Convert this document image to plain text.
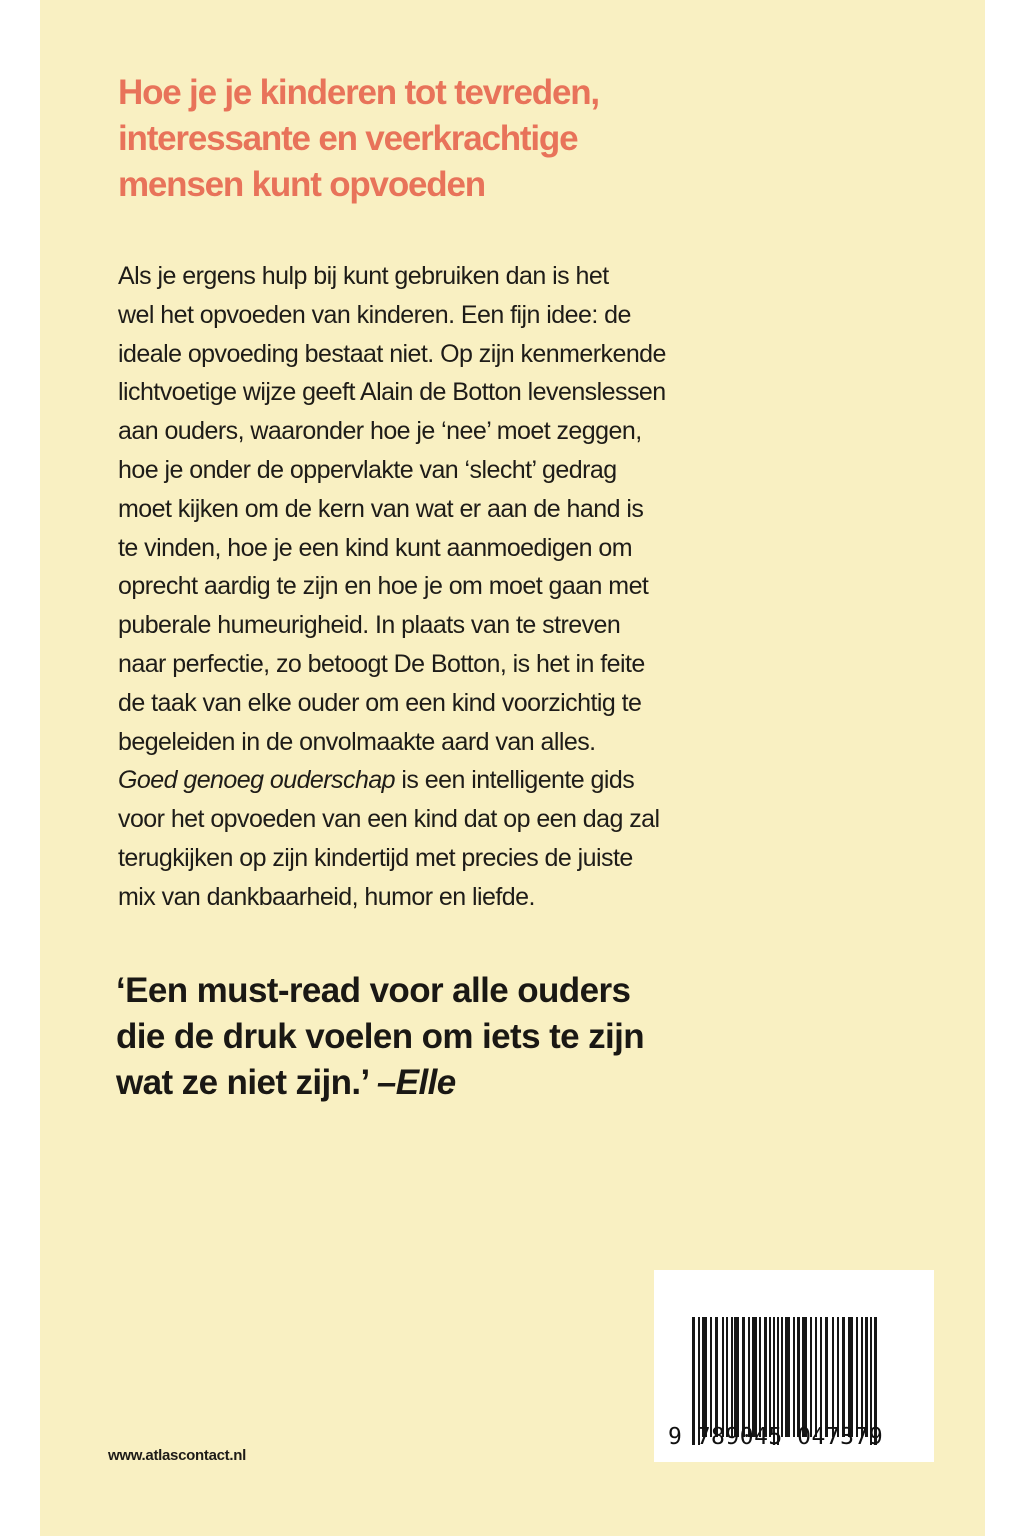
Hoe je je kinderen tot tevreden,
interessante en veerkrachtige
mensen kunt opvoeden

Als je ergens hulp bij kunt gebruiken dan is het
wel het opvoeden van kinderen. Een fijn idee: de
ideale opvoeding bestaat niet. Op zijn kenmerkende
lichtvoetige wijze geeft Alain de Botton levenslessen
aan ouders, waaronder hoe je ‘nee’ moet zeggen,
hoe je onder de oppervlakte van ‘slecht’ gedrag
moet kijken om de kern van wat er aan de hand is
te vinden, hoe je een kind kunt aanmoedigen om
oprecht aardig te zijn en hoe je om moet gaan met
puberale humeurigheid. In plaats van te streven
naar perfectie, zo betoogt De Botton, is het in feite
de taak van elke ouder om een kind voorzichtig te
begeleiden in de onvolmaakte aard van alles.
Goed genoeg ouderschap is een intelligente gids
voor het opvoeden van een kind dat op een dag zal
terugkijken op zijn kindertijd met precies de juiste
mix van dankbaarheid, humor en liefde.

‘Een must-read voor alle ouders
die de druk voelen om iets te zijn
wat ze niet zijn.’ –Elle
9 789045 047379
www.atlascontact.nl
